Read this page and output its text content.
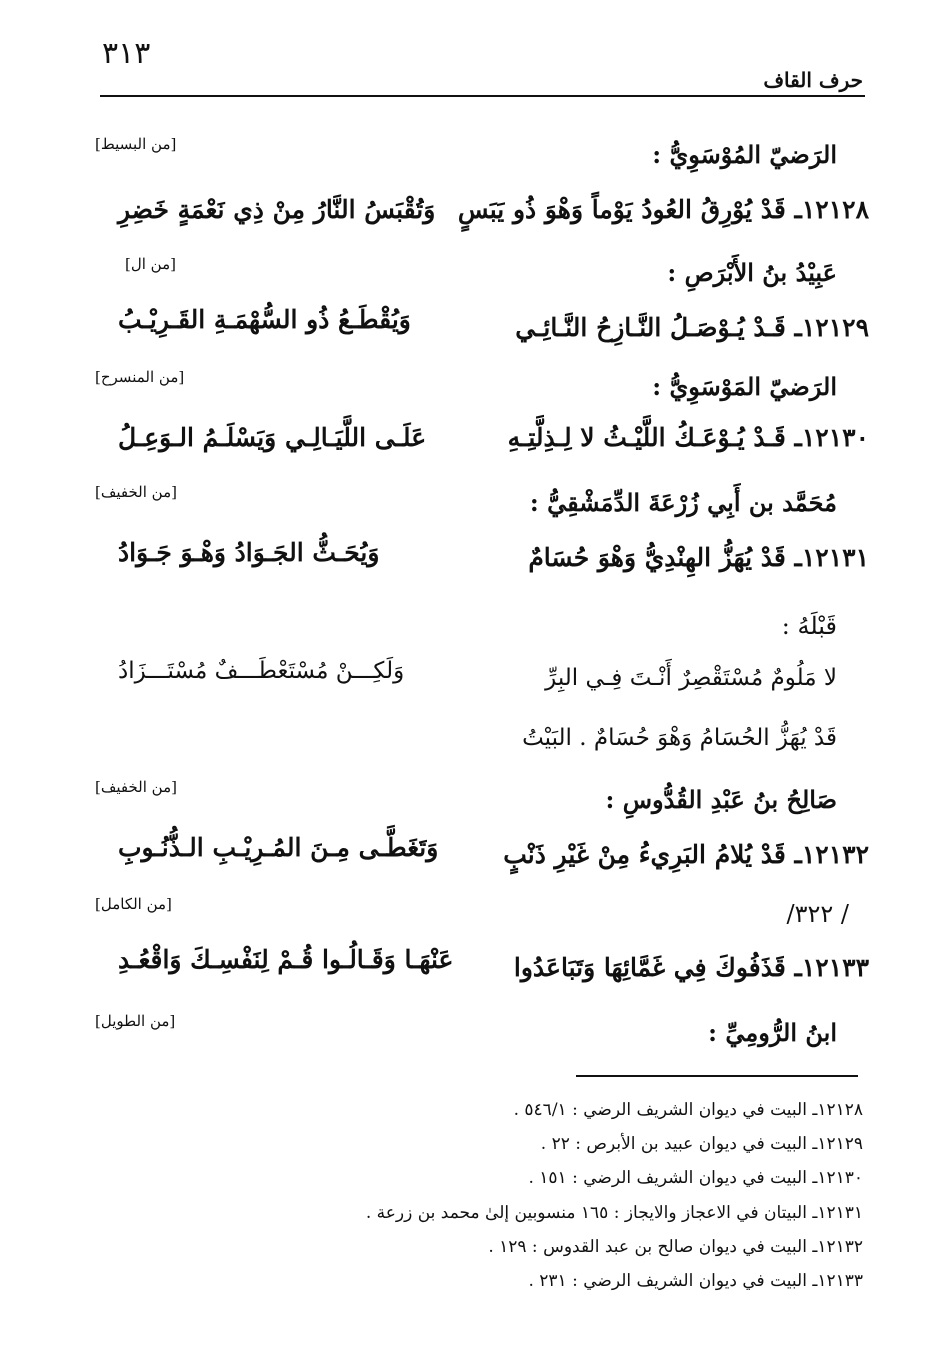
٣١٣
حرف القاف
الرَضيّ المُوْسَوِيُّ :
[من البسيط]
١٢١٢٨ـ قَدْ يُوْرِقُ العُودُ يَوْماً وَهْوَ ذُو يَبَسٍ
وَتُقْبَسُ النَّارُ مِنْ ذِي نَعْمَةٍ خَضِرِ
عَبِيْدُ بنُ الأَبْرَصِ :
[من ال]
١٢١٢٩ـ قَـدْ يُـوْصَـلُ النَّـازِحُ النَّـائِـي
وَيُقْطَـعُ ذُو السُّهْمَـةِ القَـرِيْـبُ
الرَضيّ المَوْسَوِيُّ :
[من المنسرح]
١٢١٣٠ـ قَـدْ يُـوْعَـكُ اللَّيْـثُ لا لِـذِلَّتِـهِ
عَلَـى اللَّيَـالِـي وَيَسْلَـمُ الـوَعِـلُ
مُحَمَّد بن أَبِي زُرْعَةَ الدِّمَشْقِيُّ :
[من الخفيف]
١٢١٣١ـ قَدْ يُهَزُّ الهِنْدِيُّ وَهْوَ حُسَامٌ
وَيُحَـثُّ الجَـوَادُ وَهْـوَ جَـوَادُ
قَبْلَهُ :
لا مَلُومٌ مُسْتَقْصِرٌ أَنْـتَ فِـي البِرِّ
وَلَكِـــنْ مُسْتَعْطَـــفٌ مُسْتَـــزَادُ
قَدْ يُهَزُّ الحُسَامُ وَهْوَ حُسَامٌ . البَيْتُ
صَالِحُ بنُ عَبْدِ القُدُّوسِ :
[من الخفيف]
١٢١٣٢ـ قَدْ يُلامُ البَرِيءُ مِنْ غَيْرِ ذَنْبٍ
وَتَغَطَّـى مِـنَ المُـرِيْـبِ الـذُّنُـوبِ
/ ٣٢٢/
[من الكامل]
١٢١٣٣ـ قَذَفُوكَ فِي غَمَّائِهَا وَتَبَاعَدُوا
عَنْهَـا وَقَـالُـوا قُـمْ لِنَفْسِـكَ وَاقْعُـدِ
ابنُ الرُّومِيِّ :
[من الطويل]
١٢١٢٨ـ البيت في ديوان الشريف الرضي : ٥٤٦/١ .
١٢١٢٩ـ البيت في ديوان عبيد بن الأبرص : ٢٢ .
١٢١٣٠ـ البيت في ديوان الشريف الرضي : ١٥١ .
١٢١٣١ـ البيتان في الاعجاز والايجاز : ١٦٥ منسوبين إلىٰ محمد بن زرعة .
١٢١٣٢ـ البيت في ديوان صالح بن عبد القدوس : ١٢٩ .
١٢١٣٣ـ البيت في ديوان الشريف الرضي : ٢٣١ .
